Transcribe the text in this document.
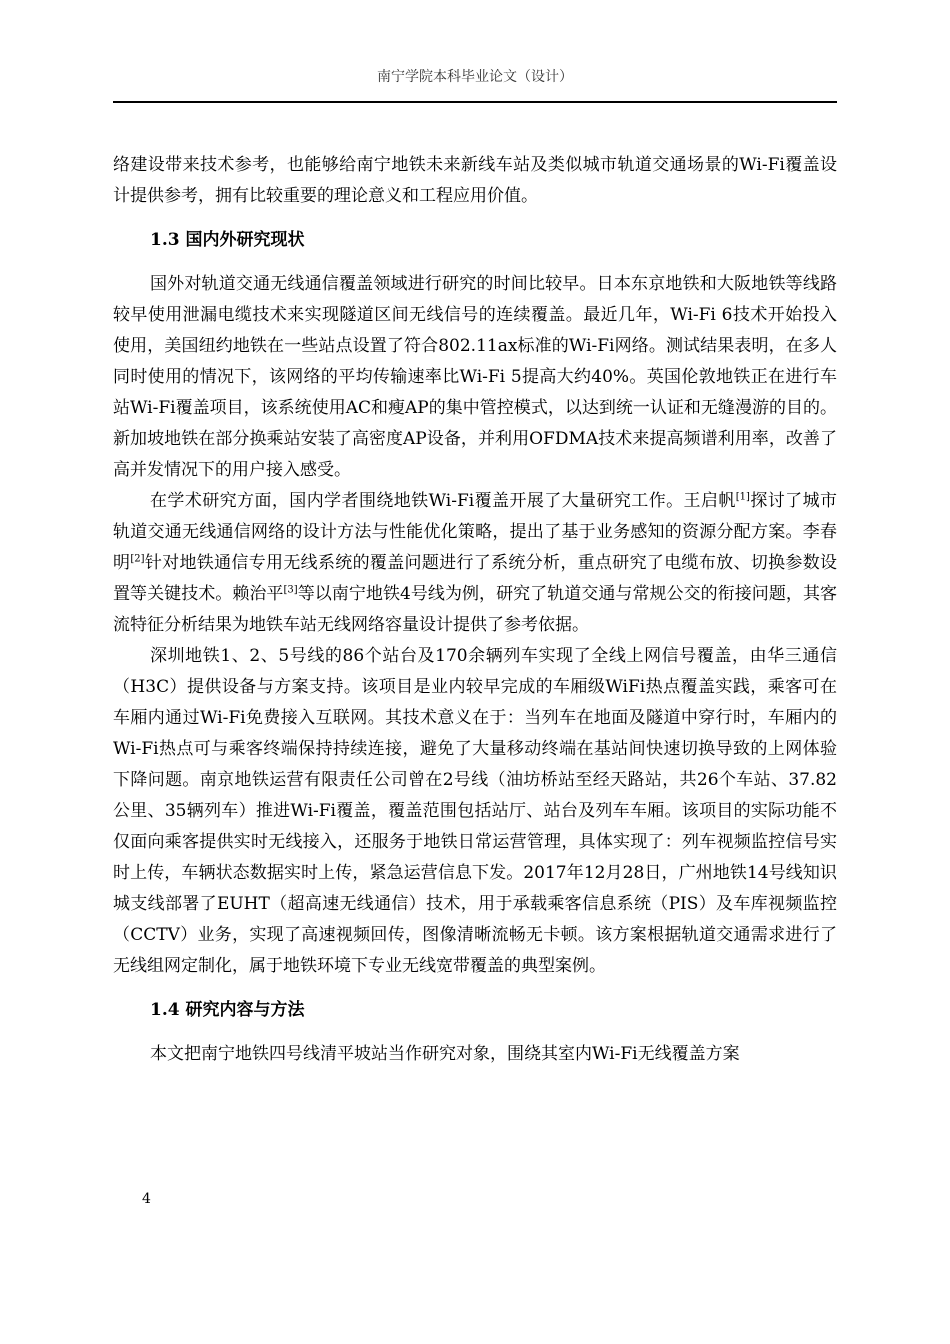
南宁学院本科毕业论文（设计）

络建设带来技术参考，也能够给南宁地铁未来新线车站及类似城市轨道交通场景的Wi-Fi覆盖设计提供参考，拥有比较重要的理论意义和工程应用价值。

1.3 国内外研究现状

国外对轨道交通无线通信覆盖领域进行研究的时间比较早。日本东京地铁和大阪地铁等线路较早使用泄漏电缆技术来实现隧道区间无线信号的连续覆盖。最近几年，Wi-Fi 6技术开始投入使用，美国纽约地铁在一些站点设置了符合802.11ax标准的Wi-Fi网络。测试结果表明，在多人同时使用的情况下，该网络的平均传输速率比Wi-Fi 5提高大约40%。英国伦敦地铁正在进行车站Wi-Fi覆盖项目，该系统使用AC和瘦AP的集中管控模式，以达到统一认证和无缝漫游的目的。新加坡地铁在部分换乘站安装了高密度AP设备，并利用OFDMA技术来提高频谱利用率，改善了高并发情况下的用户接入感受。

在学术研究方面，国内学者围绕地铁Wi-Fi覆盖开展了大量研究工作。王启帆[1]探讨了城市轨道交通无线通信网络的设计方法与性能优化策略，提出了基于业务感知的资源分配方案。李春明[2]针对地铁通信专用无线系统的覆盖问题进行了系统分析，重点研究了电缆布放、切换参数设置等关键技术。赖治平[3]等以南宁地铁4号线为例，研究了轨道交通与常规公交的衔接问题，其客流特征分析结果为地铁车站无线网络容量设计提供了参考依据。

深圳地铁1、2、5号线的86个站台及170余辆列车实现了全线上网信号覆盖，由华三通信（H3C）提供设备与方案支持。该项目是业内较早完成的车厢级WiFi热点覆盖实践，乘客可在车厢内通过Wi-Fi免费接入互联网。其技术意义在于：当列车在地面及隧道中穿行时，车厢内的Wi-Fi热点可与乘客终端保持持续连接，避免了大量移动终端在基站间快速切换导致的上网体验下降问题。南京地铁运营有限责任公司曾在2号线（油坊桥站至经天路站，共26个车站、37.82公里、35辆列车）推进Wi-Fi覆盖，覆盖范围包括站厅、站台及列车车厢。该项目的实际功能不仅面向乘客提供实时无线接入，还服务于地铁日常运营管理，具体实现了：列车视频监控信号实时上传，车辆状态数据实时上传，紧急运营信息下发。2017年12月28日，广州地铁14号线知识城支线部署了EUHT（超高速无线通信）技术，用于承载乘客信息系统（PIS）及车库视频监控（CCTV）业务，实现了高速视频回传，图像清晰流畅无卡顿。该方案根据轨道交通需求进行了无线组网定制化，属于地铁环境下专业无线宽带覆盖的典型案例。

1.4 研究内容与方法

本文把南宁地铁四号线清平坡站当作研究对象，围绕其室内Wi-Fi无线覆盖方案

4
